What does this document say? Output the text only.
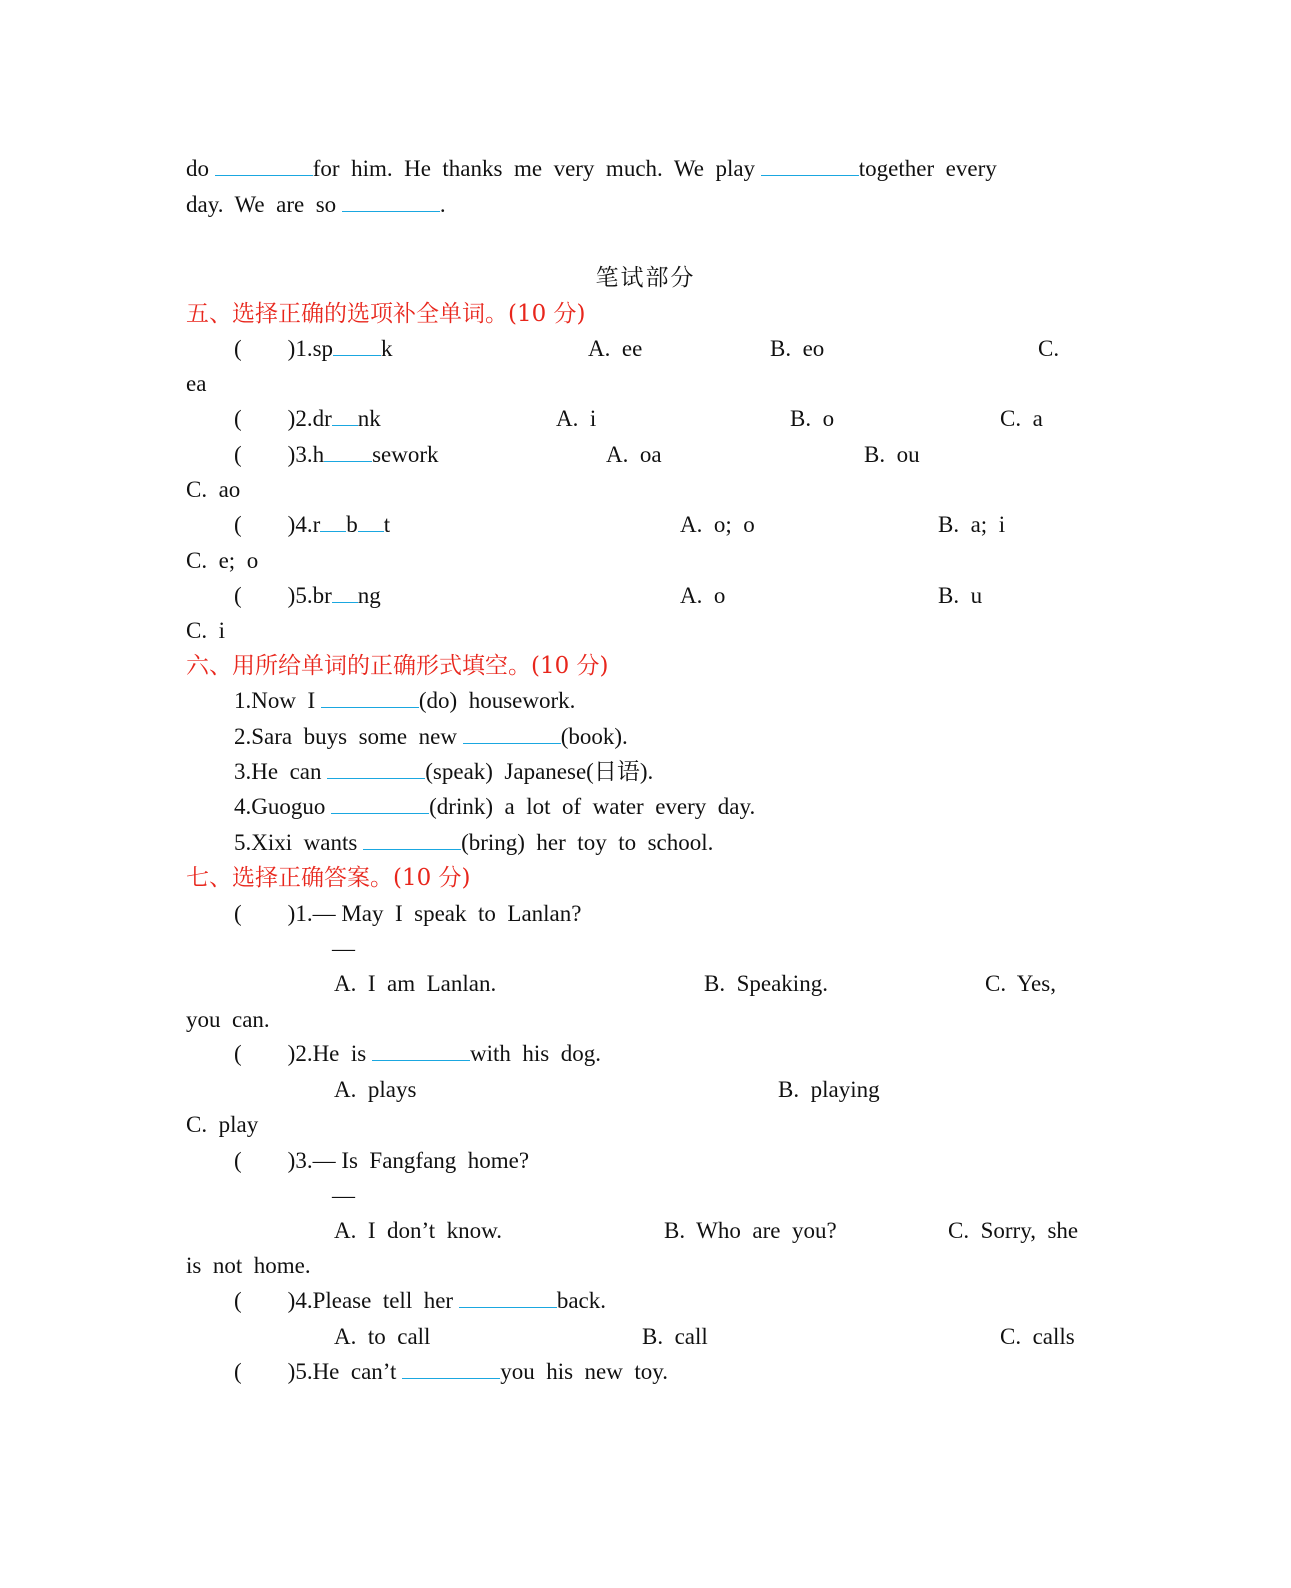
do	for  him.  He  thanks  me  very  much.  We  play	together  every
day.  We  are  so	.
笔试部分
五、选择正确的选项补全单词。(10 分)
(        )1.sp k	A.  ee	B.  eo	C.
ea
(        )2.dr nk	A.  i	B.  o	C.  a
(        )3.h sework	A.  oa	B.  ou
C.  ao
(        )4.r b t	A.  o;  o	B.  a;  i
C.  e;  o
(        )5.br ng	A.  o	B.  u
C.  i
六、用所给单词的正确形式填空。(10 分)
1.Now  I	(do)  housework.
2.Sara  buys  some  new	(book).
3.He  can	(speak)  Japanese(日语).
4.Guoguo	(drink)  a  lot  of  water  every  day.
5.Xixi  wants	(bring)  her  toy  to  school.
七、选择正确答案。(10 分)
(        )1.— May  I  speak  to  Lanlan?
—
A.  I  am  Lanlan.	B.  Speaking.	C.  Yes,
you  can.
(        )2.He  is	with  his  dog.
A.  plays	B.  playing
C.  play
(        )3.— Is  Fangfang  home?
—
A.  I  don’t  know.	B.  Who  are  you?	C.  Sorry,  she
is  not  home.
(        )4.Please  tell  her	back.
A.  to  call	B.  call	C.  calls
(        )5.He  can’t	you  his  new  toy.
